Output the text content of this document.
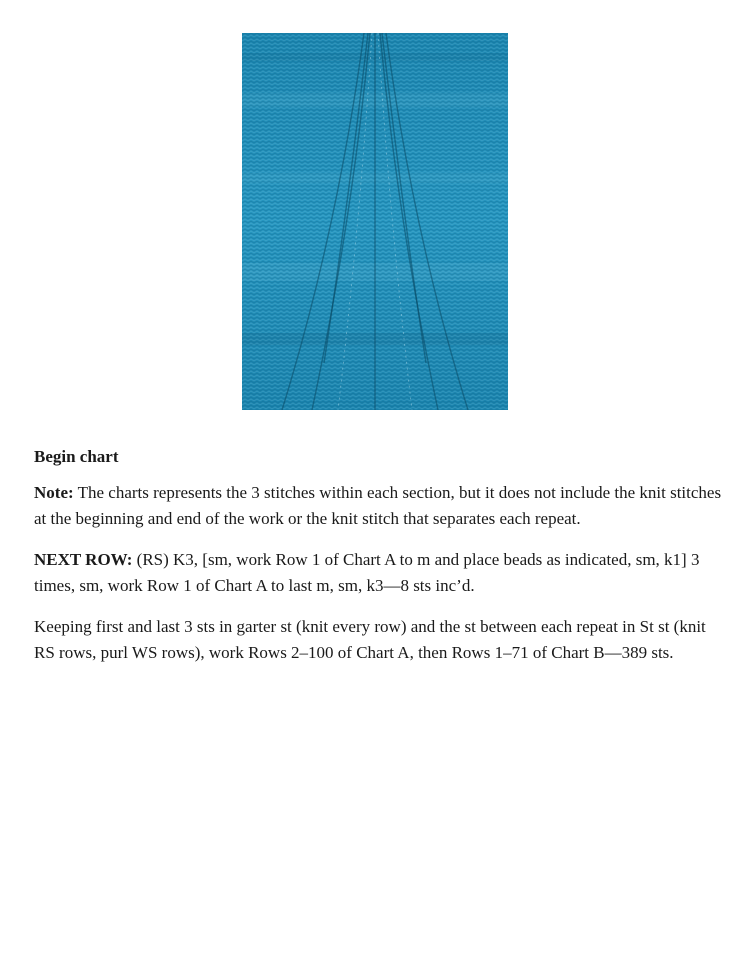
Begin chart

Note: The charts represents the 3 stitches within each section, but it does not include the knit stitches at the beginning and end of the work or the knit stitch that separates each repeat.

NEXT ROW: (RS) K3, [sm, work Row 1 of Chart A to m and place beads as indicated, sm, k1] 3 times, sm, work Row 1 of Chart A to last m, sm, k3—8 sts inc’d.

Keeping first and last 3 sts in garter st (knit every row) and the st between each repeat in St st (knit RS rows, purl WS rows), work Rows 2–100 of Chart A, then Rows 1–71 of Chart B—389 sts.
